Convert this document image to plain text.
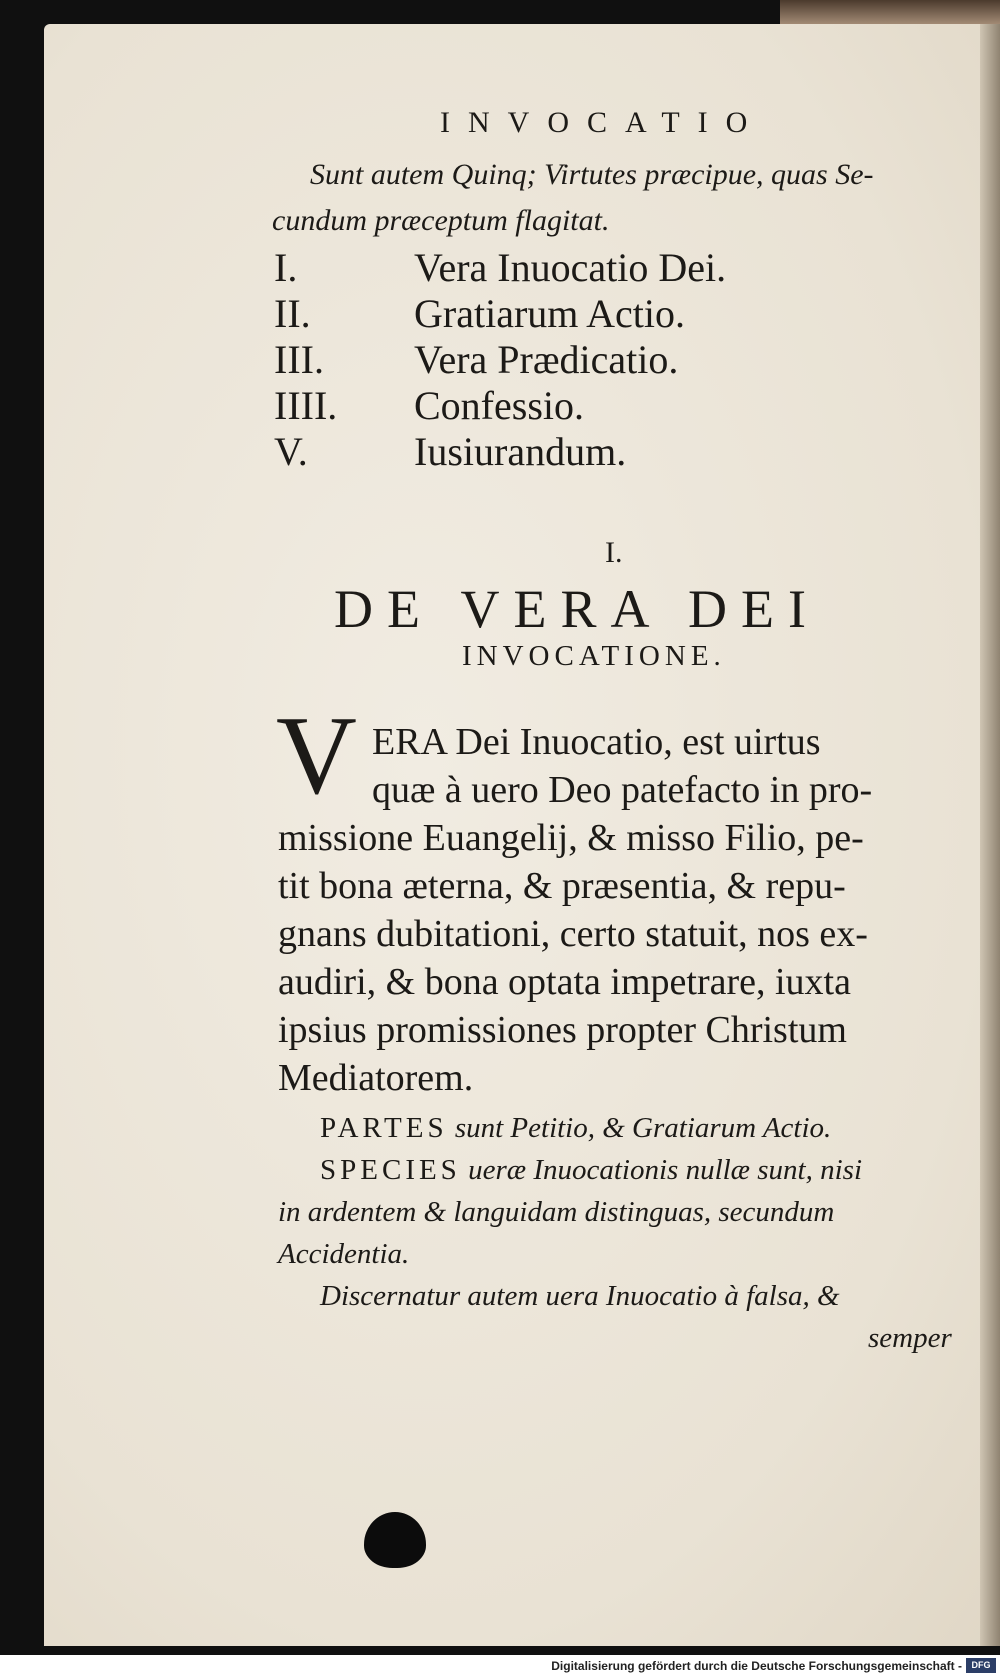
INVOCATIO
Sunt autem Quinq; Virtutes præcipue, quas Se-
cundum præceptum flagitat.
I.	Vera Inuocatio Dei.
II.	Gratiarum Actio.
III. Vera Prædicatio.
IIII. Confessio.
V.	Iusiurandum.
I.
DE VERA DEI
INVOCATIONE.
V ERA Dei Inuocatio, est uirtus
quæ à uero Deo patefacto in pro-
missione Euangelij, & misso Filio, pe-
tit bona æterna, & præsentia, & repu-
gnans dubitationi, certo statuit, nos ex-
audiri, & bona optata impetrare, iuxta
ipsius promissiones propter Christum
Mediatorem.
PARTES sunt Petitio, & Gratiarum Actio.
SPECIES ueræ Inuocationis nullæ sunt, nisi
in ardentem & languidam distinguas, secundum
Accidentia.
Discernatur autem uera Inuocatio à falsa, &
semper
Digitalisierung gefördert durch die Deutsche Forschungsgemeinschaft -	DFG
